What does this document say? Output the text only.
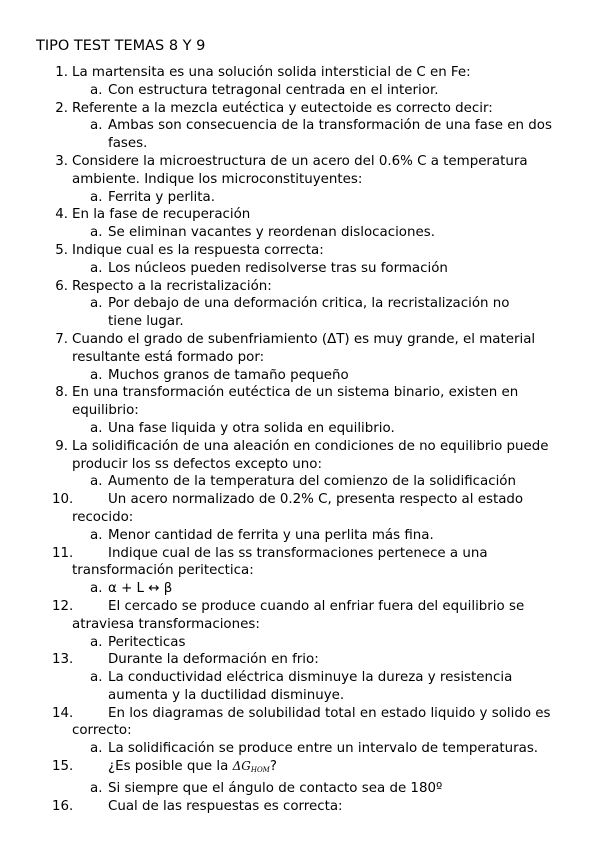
TIPO TEST TEMAS 8 Y 9
1. La martensita es una solución solida intersticial de C en Fe:
a. Con estructura tetragonal centrada en el interior.
2. Referente a la mezcla eutéctica y eutectoide es correcto decir:
a. Ambas son consecuencia de la transformación de una fase en dos fases.
3. Considere la microestructura de un acero del 0.6% C a temperatura ambiente. Indique los microconstituyentes:
a. Ferrita y perlita.
4. En la fase de recuperación
a. Se eliminan vacantes y reordenan dislocaciones.
5. Indique cual es la respuesta correcta:
a. Los núcleos pueden redisolverse tras su formación
6. Respecto a la recristalización:
a. Por debajo de una deformación critica, la recristalización no tiene lugar.
7. Cuando el grado de subenfriamiento (ΔT) es muy grande, el material resultante está formado por:
a. Muchos granos de tamaño pequeño
8. En una transformación eutéctica de un sistema binario, existen en equilibrio:
a. Una fase liquida y otra solida en equilibrio.
9. La solidificación de una aleación en condiciones de no equilibrio puede producir los ss defectos excepto uno:
a. Aumento de la temperatura del comienzo de la solidificación
10.	Un acero normalizado de 0.2% C, presenta respecto al estado recocido:
a. Menor cantidad de ferrita y una perlita más fina.
11.	Indique cual de las ss transformaciones pertenece a una transformación peritectica:
a. α + L ↔ β
12.	El cercado se produce cuando al enfriar fuera del equilibrio se atraviesa transformaciones:
a. Peritecticas
13.	Durante la deformación en frio:
a. La conductividad eléctrica disminuye la dureza y resistencia aumenta y la ductilidad disminuye.
14.	En los diagramas de solubilidad total en estado liquido y solido es correcto:
a. La solidificación se produce entre un intervalo de temperaturas.
15.	¿Es posible que la $\Delta G_{HOM}$?
a. Si siempre que el ángulo de contacto sea de 180º
16.	Cual de las respuestas es correcta:
